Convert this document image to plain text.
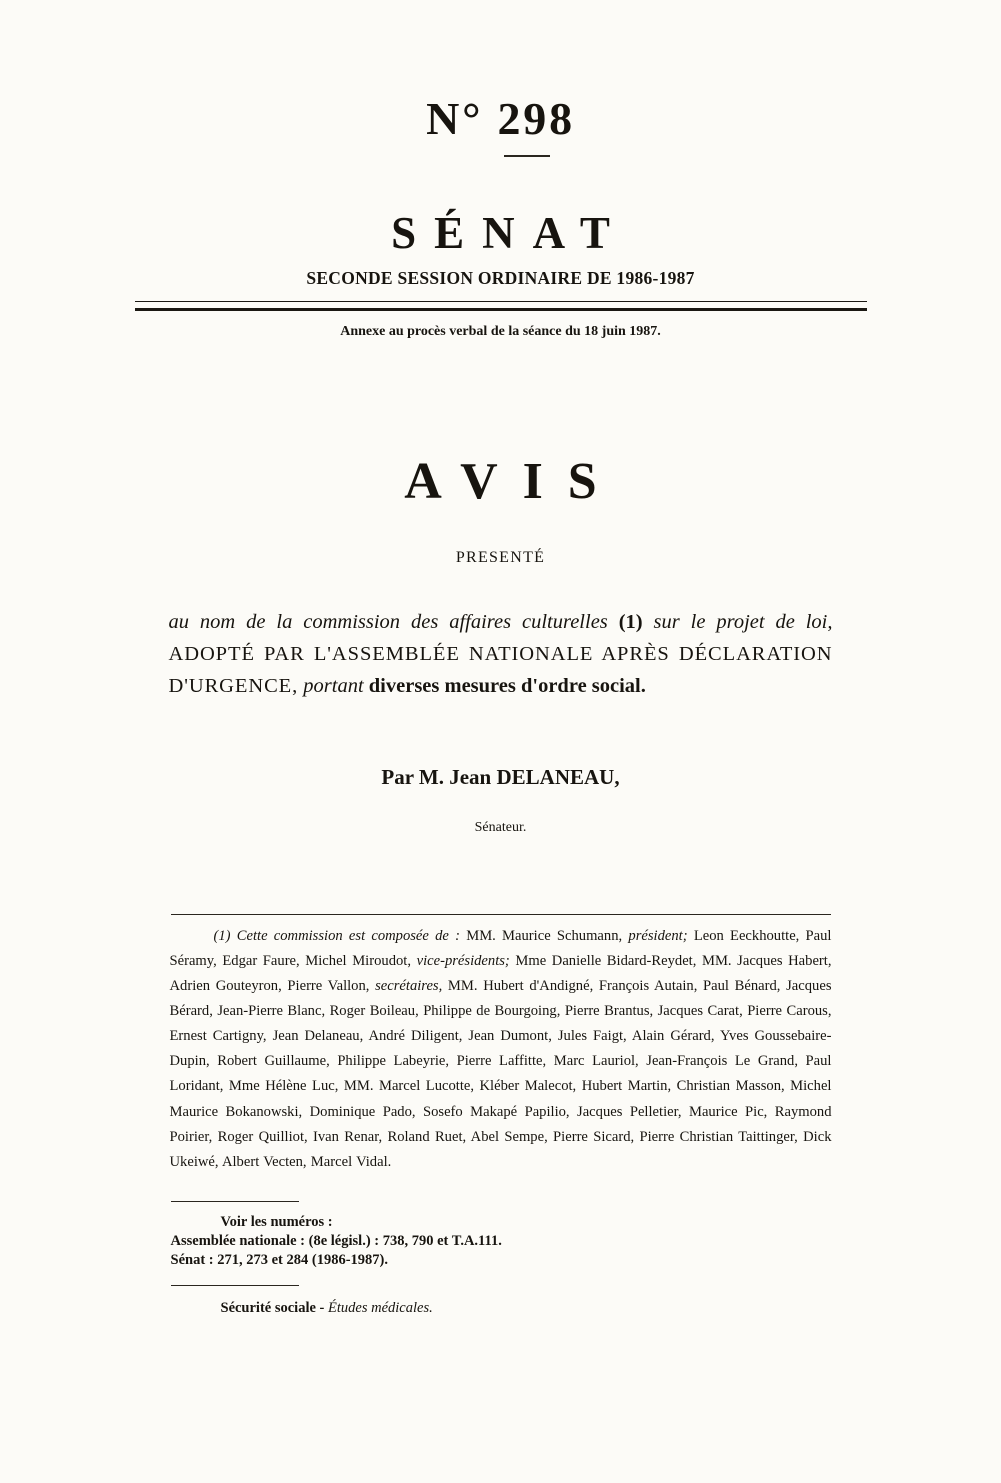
N° 298
SÉNAT
SECONDE SESSION ORDINAIRE DE 1986-1987
Annexe au procès verbal de la séance du 18 juin 1987.
AVIS
PRESENTÉ

au nom de la commission des affaires culturelles (1) sur le projet de loi, ADOPTÉ PAR L'ASSEMBLÉE NATIONALE APRÈS DÉCLARATION D'URGENCE, portant diverses mesures d'ordre social.

Par M. Jean DELANEAU,
Sénateur.

(1) Cette commission est composée de : MM. Maurice Schumann, président; Leon Eeckhoutte, Paul Séramy, Edgar Faure, Michel Miroudot, vice-présidents; Mme Danielle Bidard-Reydet, MM. Jacques Habert, Adrien Gouteyron, Pierre Vallon, secrétaires, MM. Hubert d'Andigné, François Autain, Paul Bénard, Jacques Bérard, Jean-Pierre Blanc, Roger Boileau, Philippe de Bourgoing, Pierre Brantus, Jacques Carat, Pierre Carous, Ernest Cartigny, Jean Delaneau, André Diligent, Jean Dumont, Jules Faigt, Alain Gérard, Yves Goussebaire-Dupin, Robert Guillaume, Philippe Labeyrie, Pierre Laffitte, Marc Lauriol, Jean-François Le Grand, Paul Loridant, Mme Hélène Luc, MM. Marcel Lucotte, Kléber Malecot, Hubert Martin, Christian Masson, Michel Maurice Bokanowski, Dominique Pado, Sosefo Makapé Papilio, Jacques Pelletier, Maurice Pic, Raymond Poirier, Roger Quilliot, Ivan Renar, Roland Ruet, Abel Sempe, Pierre Sicard, Pierre Christian Taittinger, Dick Ukeiwé, Albert Vecten, Marcel Vidal.

Voir les numéros :
Assemblée nationale : (8e législ.) : 738, 790 et T.A.111.
Sénat : 271, 273 et 284 (1986-1987).
Sécurité sociale - Études médicales.
